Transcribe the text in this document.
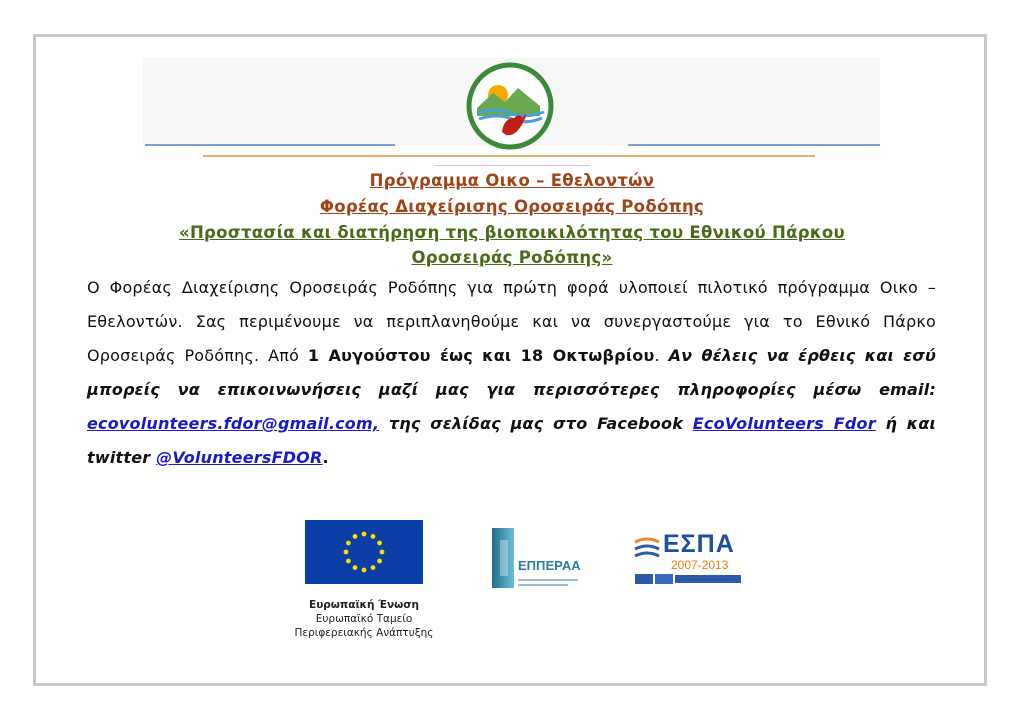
Πρόγραμμα Οικο – Εθελοντών
Φορέας Διαχείρισης Οροσειράς Ροδόπης
«Προστασία και διατήρηση της βιοποικιλότητας του Εθνικού Πάρκου
Οροσειράς Ροδόπης»
Ο Φορέας Διαχείρισης Οροσειράς Ροδόπης για πρώτη φορά υλοποιεί πιλοτικό πρόγραμμα Οικο – Εθελοντών. Σας περιμένουμε να περιπλανηθούμε και να συνεργαστούμε για το Εθνικό Πάρκο Οροσειράς Ροδόπης. Από 1 Αυγούστου έως και 18 Οκτωβρίου. Αν θέλεις να έρθεις και εσύ μπορείς να επικοινωνήσεις μαζί μας για περισσότερες πληροφορίες μέσω email: ecovolunteers.fdor@gmail.com, της σελίδας μας στο Facebook EcoVolunteers Fdor ή και twitter @VolunteersFDOR.
Ευρωπαϊκή Ένωση
Ευρωπαϊκό Ταμείο
Περιφερειακής Ανάπτυξης
ΕΠΠΕΡΑΑ
ΕΣΠΑ
2007-2013
